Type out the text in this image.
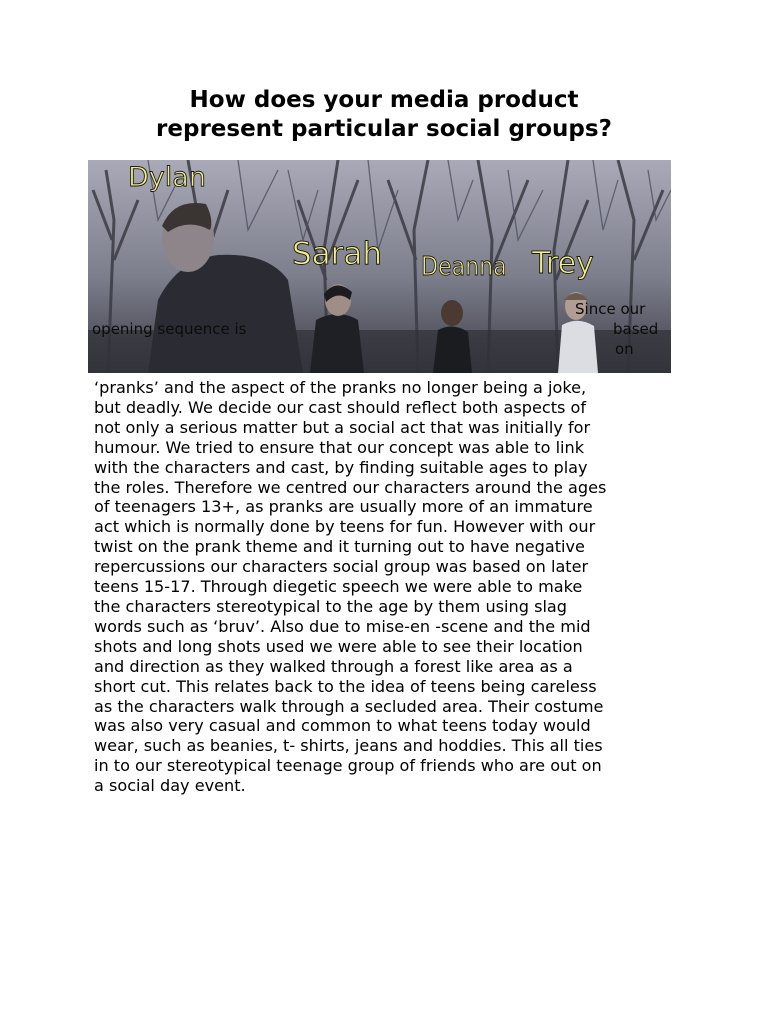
How does your media product
represent particular social groups?
Dylan
Sarah Deanna Trey
opening sequence is
Since our
based
on
‘pranks’ and the aspect of the pranks no longer being a joke,
but deadly. We decide our cast should reflect both aspects of
not only a serious matter but a social act that was initially for
humour. We tried to ensure that our concept was able to link
with the characters and cast, by finding suitable ages to play
the roles. Therefore we centred our characters around the ages
of teenagers 13+, as pranks are usually more of an immature
act which is normally done by teens for fun. However with our
twist on the prank theme and it turning out to have negative
repercussions our characters social group was based on later
teens 15-17. Through diegetic speech we were able to make
the characters stereotypical to the age by them using slag
words such as ‘bruv’. Also due to mise-en -scene and the mid
shots and long shots used we were able to see their location
and direction as they walked through a forest like area as a
short cut. This relates back to the idea of teens being careless
as the characters walk through a secluded area. Their costume
was also very casual and common to what teens today would
wear, such as beanies, t- shirts, jeans and hoddies. This all ties
in to our stereotypical teenage group of friends who are out on
a social day event.
